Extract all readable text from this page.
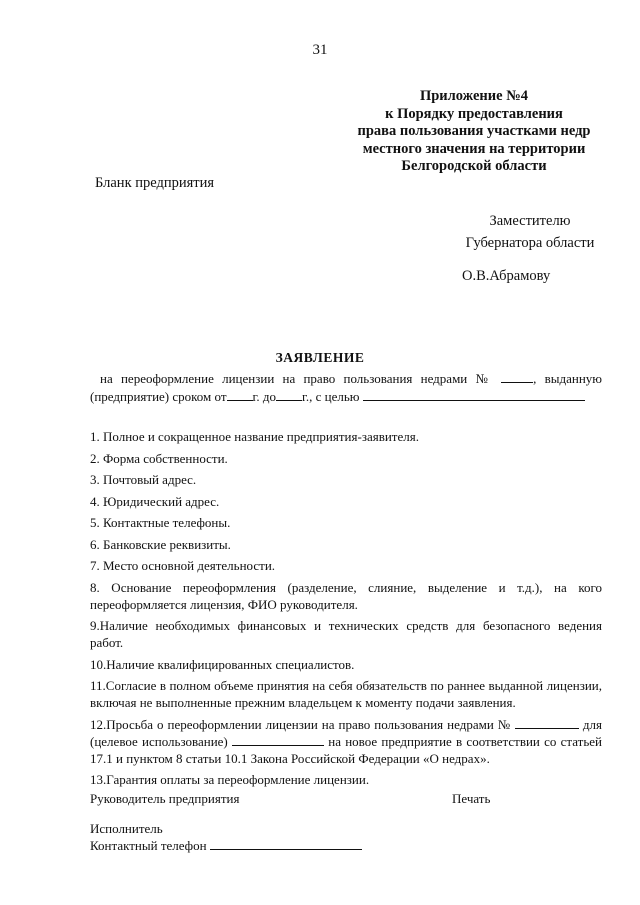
31
Приложение №4
к Порядку предоставления
права пользования участками недр
местного значения на территории
Белгородской области
Бланк предприятия
Заместителю
Губернатора области
О.В.Абрамову
ЗАЯВЛЕНИЕ
на переоформление лицензии на право пользования недрами №	, выданную
(предприятие) сроком от г. до г., с целью
1. Полное и сокращенное название предприятия-заявителя.
2. Форма собственности.
3. Почтовый адрес.
4. Юридический адрес.
5. Контактные телефоны.
6. Банковские реквизиты.
7. Место основной деятельности.
8. Основание переоформления (разделение, слияние, выделение и т.д.), на кого переоформляется лицензия, ФИО руководителя.
9.Наличие необходимых финансовых и технических средств для безопасного ведения работ.
10.Наличие квалифицированных специалистов.
11.Согласие в полном объеме принятия на себя обязательств по раннее выданной лицензии, включая не выполненные прежним владельцем к моменту подачи заявления.
12.Просьба о переоформлении лицензии на право пользования недрами №	для (целевое использование)	на новое предприятие в соответствии со статьей 17.1 и пунктом 8 статьи 10.1 Закона Российской Федерации «О недрах».
13.Гарантия оплаты за переоформление лицензии.
Руководитель предприятия	Печать
Исполнитель
Контактный телефон
